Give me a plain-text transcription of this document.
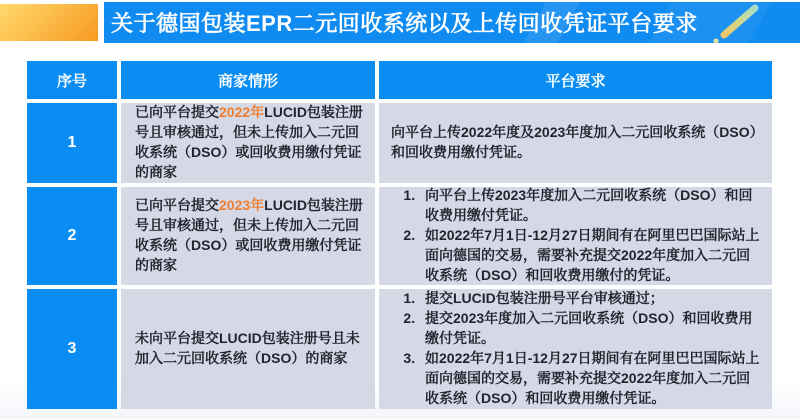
关于德国包装EPR二元回收系统以及上传回收凭证平台要求
序号	商家情形	平台要求
1

已向平台提交2022年LUCID包装注册号且审核通过，但未上传加入二元回收系统（DSO）或回收费用缴付凭证的商家

向平台上传2022年度及2023年度加入二元回收系统（DSO）和回收费用缴付凭证。

2

已向平台提交2023年LUCID包装注册号且审核通过，但未上传加入二元回收系统（DSO）或回收费用缴付凭证的商家

1. 向平台上传2023年度加入二元回收系统（DSO）和回收费用缴付凭证。
2. 如2022年7月1日-12月27日期间有在阿里巴巴国际站上面向德国的交易，需要补充提交2022年度加入二元回收系统（DSO）和回收费用缴付的凭证。
3

未向平台提交LUCID包装注册号且未加入二元回收系统（DSO）的商家

1. 提交LUCID包装注册号平台审核通过；
2. 提交2023年度加入二元回收系统（DSO）和回收费用缴付凭证。
3. 如2022年7月1日-12月27日期间有在阿里巴巴国际站上面向德国的交易，需要补充提交2022年度加入二元回收系统（DSO）和回收费用缴付凭证。
